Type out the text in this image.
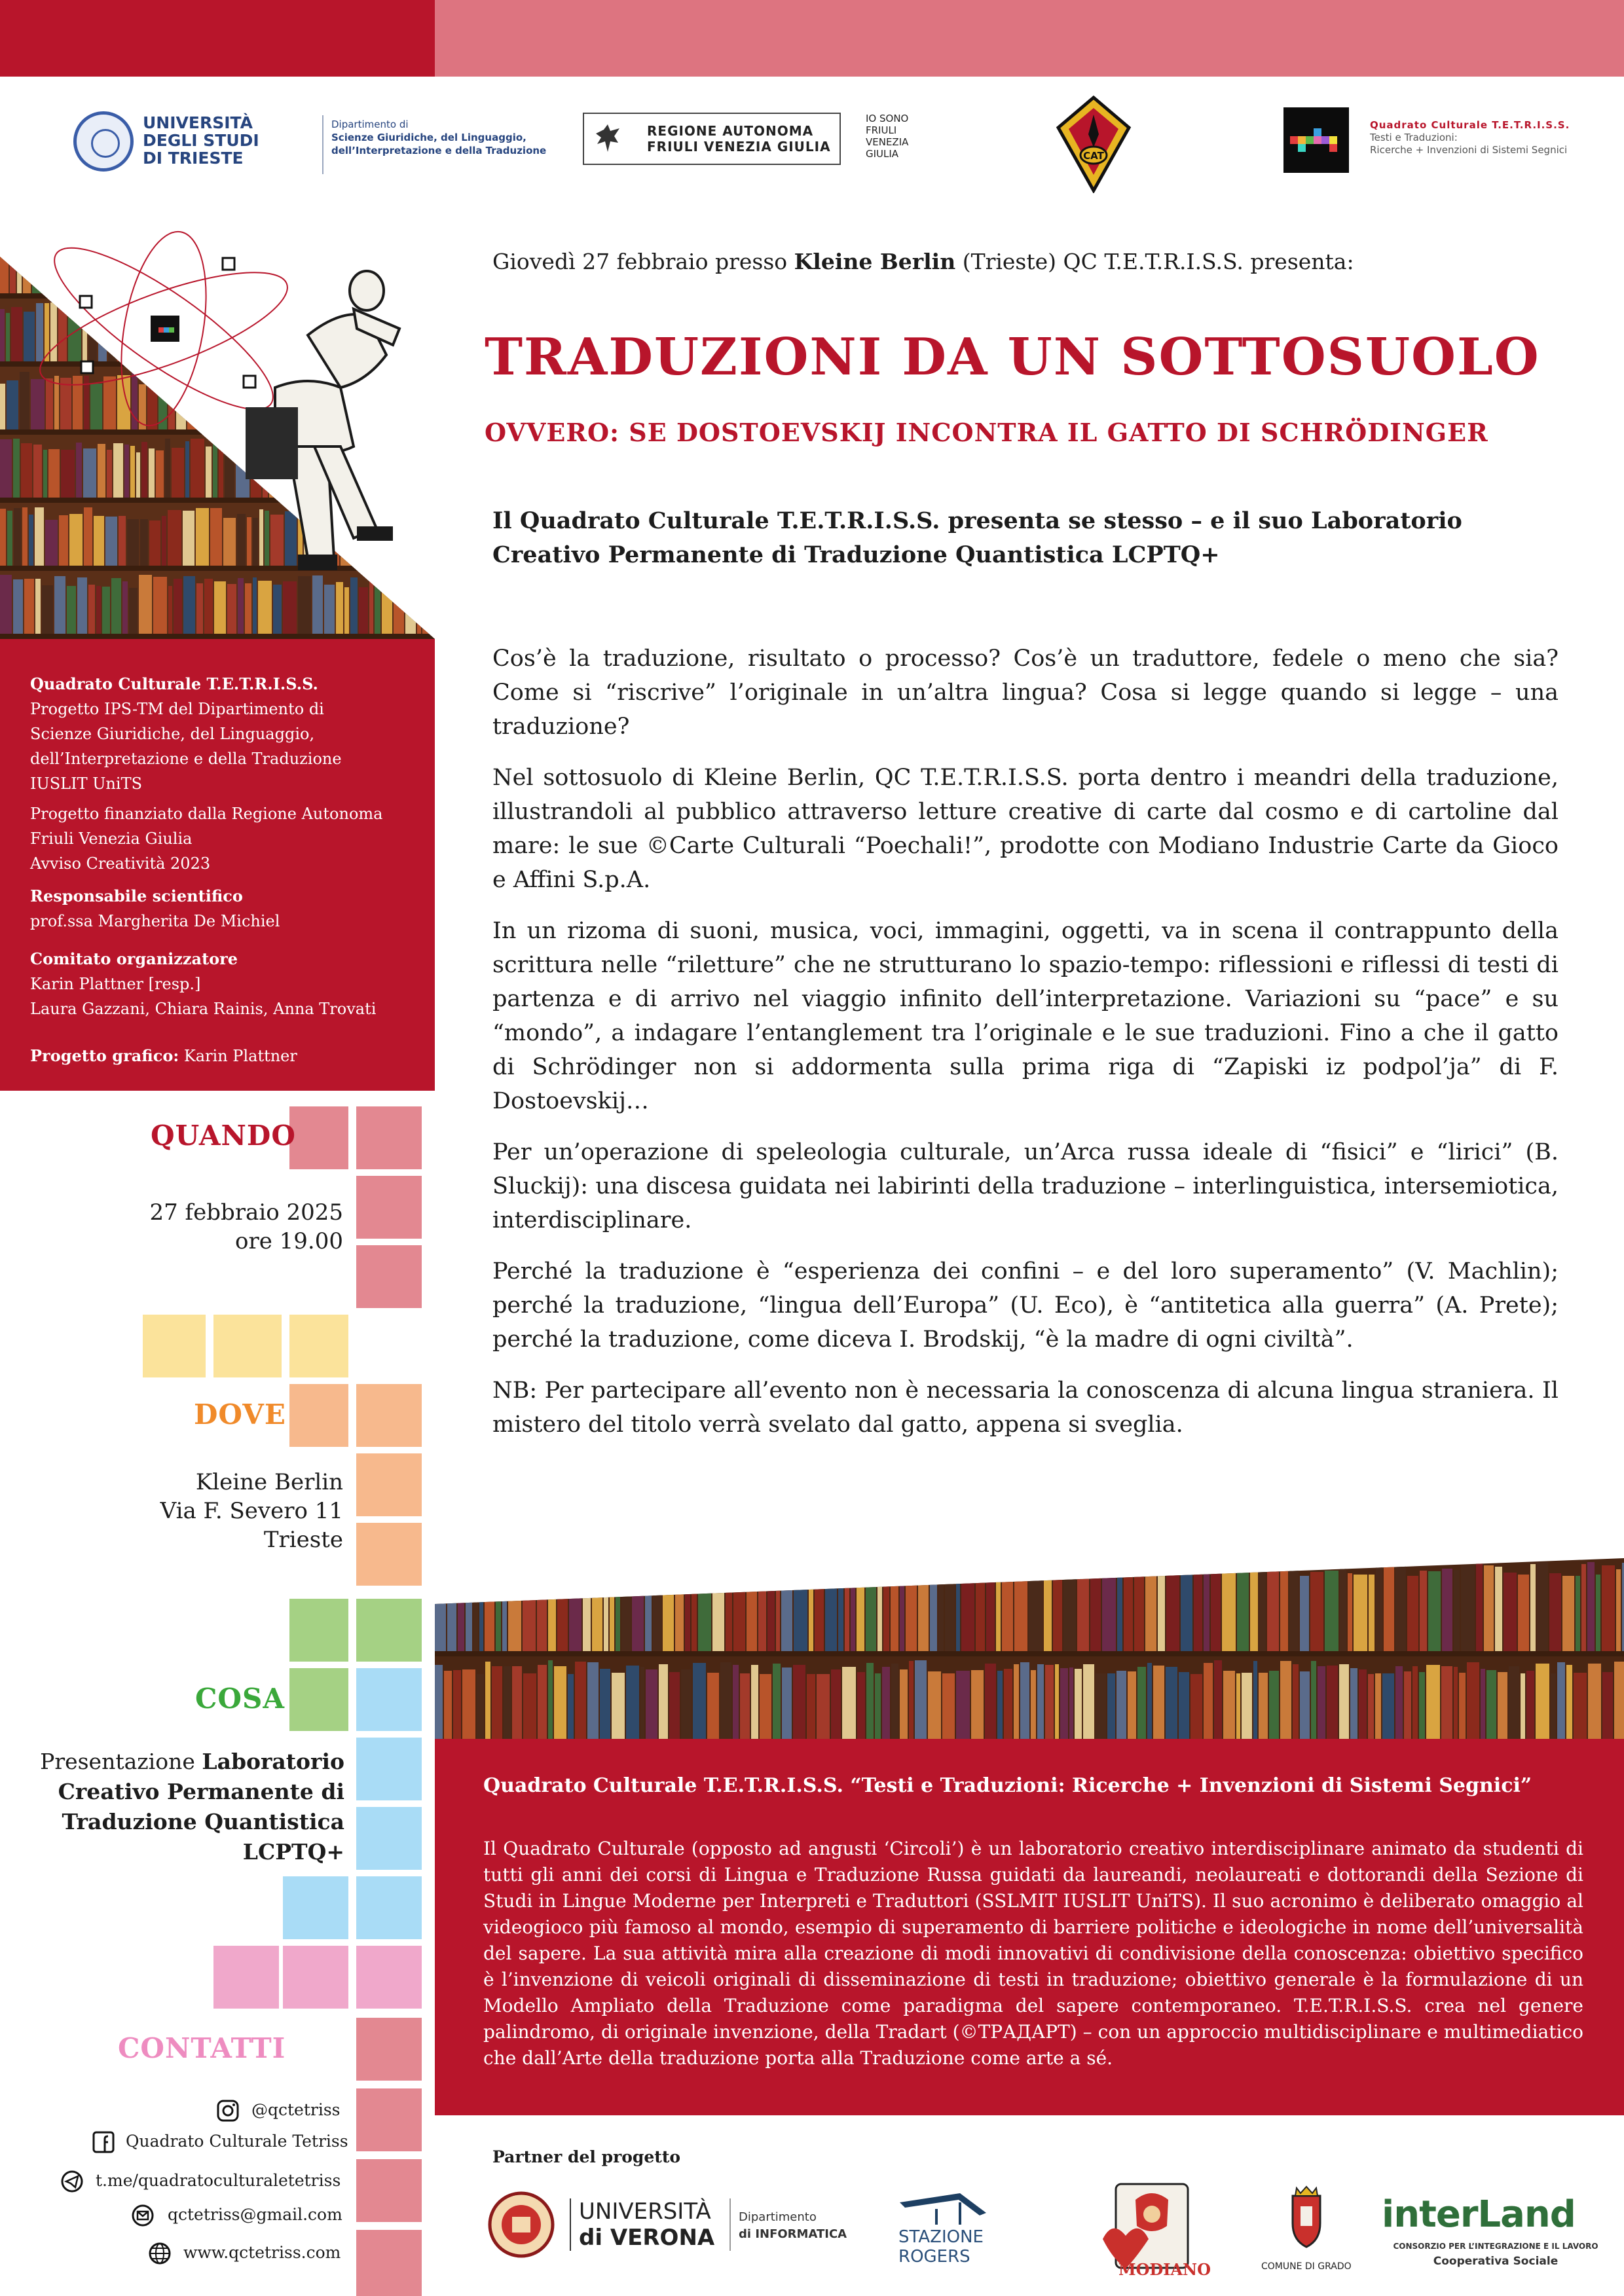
UNIVERSITÀ
DEGLI STUDI
DI TRIESTE
Dipartimento di
Scienze Giuridiche, del Linguaggio,
dell’Interpretazione e della Traduzione
REGIONE AUTONOMA
FRIULI VENEZIA GIULIA
IO SONO
FRIULI
VENEZIA
GIULIA	CAT
Quadrato Culturale T.E.T.R.I.S.S.
Testi e Traduzioni:
Ricerche + Invenzioni di Sistemi Segnici
Quadrato Culturale T.E.T.R.I.S.S.
Progetto IPS-TM del Dipartimento di
Scienze Giuridiche, del Linguaggio,
dell’Interpretazione e della Traduzione
IUSLIT UniTS
Progetto finanziato dalla Regione Autonoma
Friuli Venezia Giulia
Avviso Creatività 2023
Responsabile scientifico
prof.ssa Margherita De Michiel
Comitato organizzatore
Karin Plattner [resp.]
Laura Gazzani, Chiara Rainis, Anna Trovati
Progetto grafico: Karin Plattner
QUANDO
27 febbraio 2025
ore 19.00
DOVE
Kleine Berlin
Via F. Severo 11
Trieste
COSA
Presentazione Laboratorio
Creativo Permanente di
Traduzione Quantistica
LCPTQ+
CONTATTI
@qctetriss
Quadrato Culturale Tetriss
t.me/quadratoculturaletetriss
qctetriss@gmail.com
www.qctetriss.com
Giovedì 27 febbraio presso Kleine Berlin (Trieste) QC T.E.T.R.I.S.S. presenta:
TRADUZIONI DA UN SOTTOSUOLO
OVVERO: SE DOSTOEVSKIJ INCONTRA IL GATTO DI SCHRÖDINGER
Il Quadrato Culturale T.E.T.R.I.S.S. presenta se stesso – e il suo Laboratorio
Creativo Permanente di Traduzione Quantistica LCPTQ+

Cos’è la traduzione, risultato o processo? Cos’è un traduttore, fedele o meno che sia? Come si “riscrive” l’originale in un’altra lingua? Cosa si legge quando si legge – una traduzione?

Nel sottosuolo di Kleine Berlin, QC T.E.T.R.I.S.S. porta dentro i meandri della traduzione, illustrandoli al pubblico attraverso letture creative di carte dal cosmo e di cartoline dal mare: le sue ©Carte Culturali “Poechali!”, prodotte con Modiano Industrie Carte da Gioco e Affini S.p.A.

In un rizoma di suoni, musica, voci, immagini, oggetti, va in scena il contrappunto della scrittura nelle “riletture” che ne strutturano lo spazio-tempo: riflessioni e riflessi di testi di partenza e di arrivo nel viaggio infinito dell’interpretazione. Variazioni su “pace” e su “mondo”, a indagare l’entanglement tra l’originale e le sue traduzioni. Fino a che il gatto di Schrödinger non si addormenta sulla prima riga di “Zapiski iz podpol’ja” di F. Dostoevskij…

Per un’operazione di speleologia culturale, un’Arca russa ideale di “fisici” e “lirici” (B. Sluckij): una discesa guidata nei labirinti della traduzione – interlinguistica, intersemiotica, interdisciplinare.

Perché la traduzione è “esperienza dei confini – e del loro superamento” (V. Machlin); perché la traduzione, “lingua dell’Europa” (U. Eco), è “antitetica alla guerra” (A. Prete); perché la traduzione, come diceva I. Brodskij, “è la madre di ogni civiltà”.

NB: Per partecipare all’evento non è necessaria la conoscenza di alcuna lingua straniera. Il mistero del titolo verrà svelato dal gatto, appena si sveglia.

Quadrato Culturale T.E.T.R.I.S.S. “Testi e Traduzioni: Ricerche + Invenzioni di Sistemi Segnici”
Il Quadrato Culturale (opposto ad angusti ‘Circoli’) è un laboratorio creativo interdisciplinare animato da studenti di tutti gli anni dei corsi di Lingua e Traduzione Russa guidati da laureandi, neolaureati e dottorandi della Sezione di Studi in Lingue Moderne per Interpreti e Traduttori (SSLMIT IUSLIT UniTS). Il suo acronimo è deliberato omaggio al videogioco più famoso al mondo, esempio di superamento di barriere politiche e ideologiche in nome dell’universalità del sapere. La sua attività mira alla creazione di modi innovativi di condivisione della conoscenza: obiettivo specifico è l’invenzione di veicoli originali di disseminazione di testi in traduzione; obiettivo generale è la formulazione di un Modello Ampliato della Traduzione come paradigma del sapere contemporaneo. T.E.T.R.I.S.S. crea nel genere palindromo, di originale invenzione, della Tradart (©ТРАДАРТ) – con un approccio multidisciplinare e multimediatico che dall’Arte della traduzione porta alla Traduzione come arte a sé.
Partner del progetto
UNIVERSITÀ
di VERONA
Dipartimento
di INFORMATICA	STAZIONE
ROGERS
MODIANO	COMUNE DI GRADO
interLand
CONSORZIO PER L’INTEGRAZIONE E IL LAVORO
Cooperativa Sociale
